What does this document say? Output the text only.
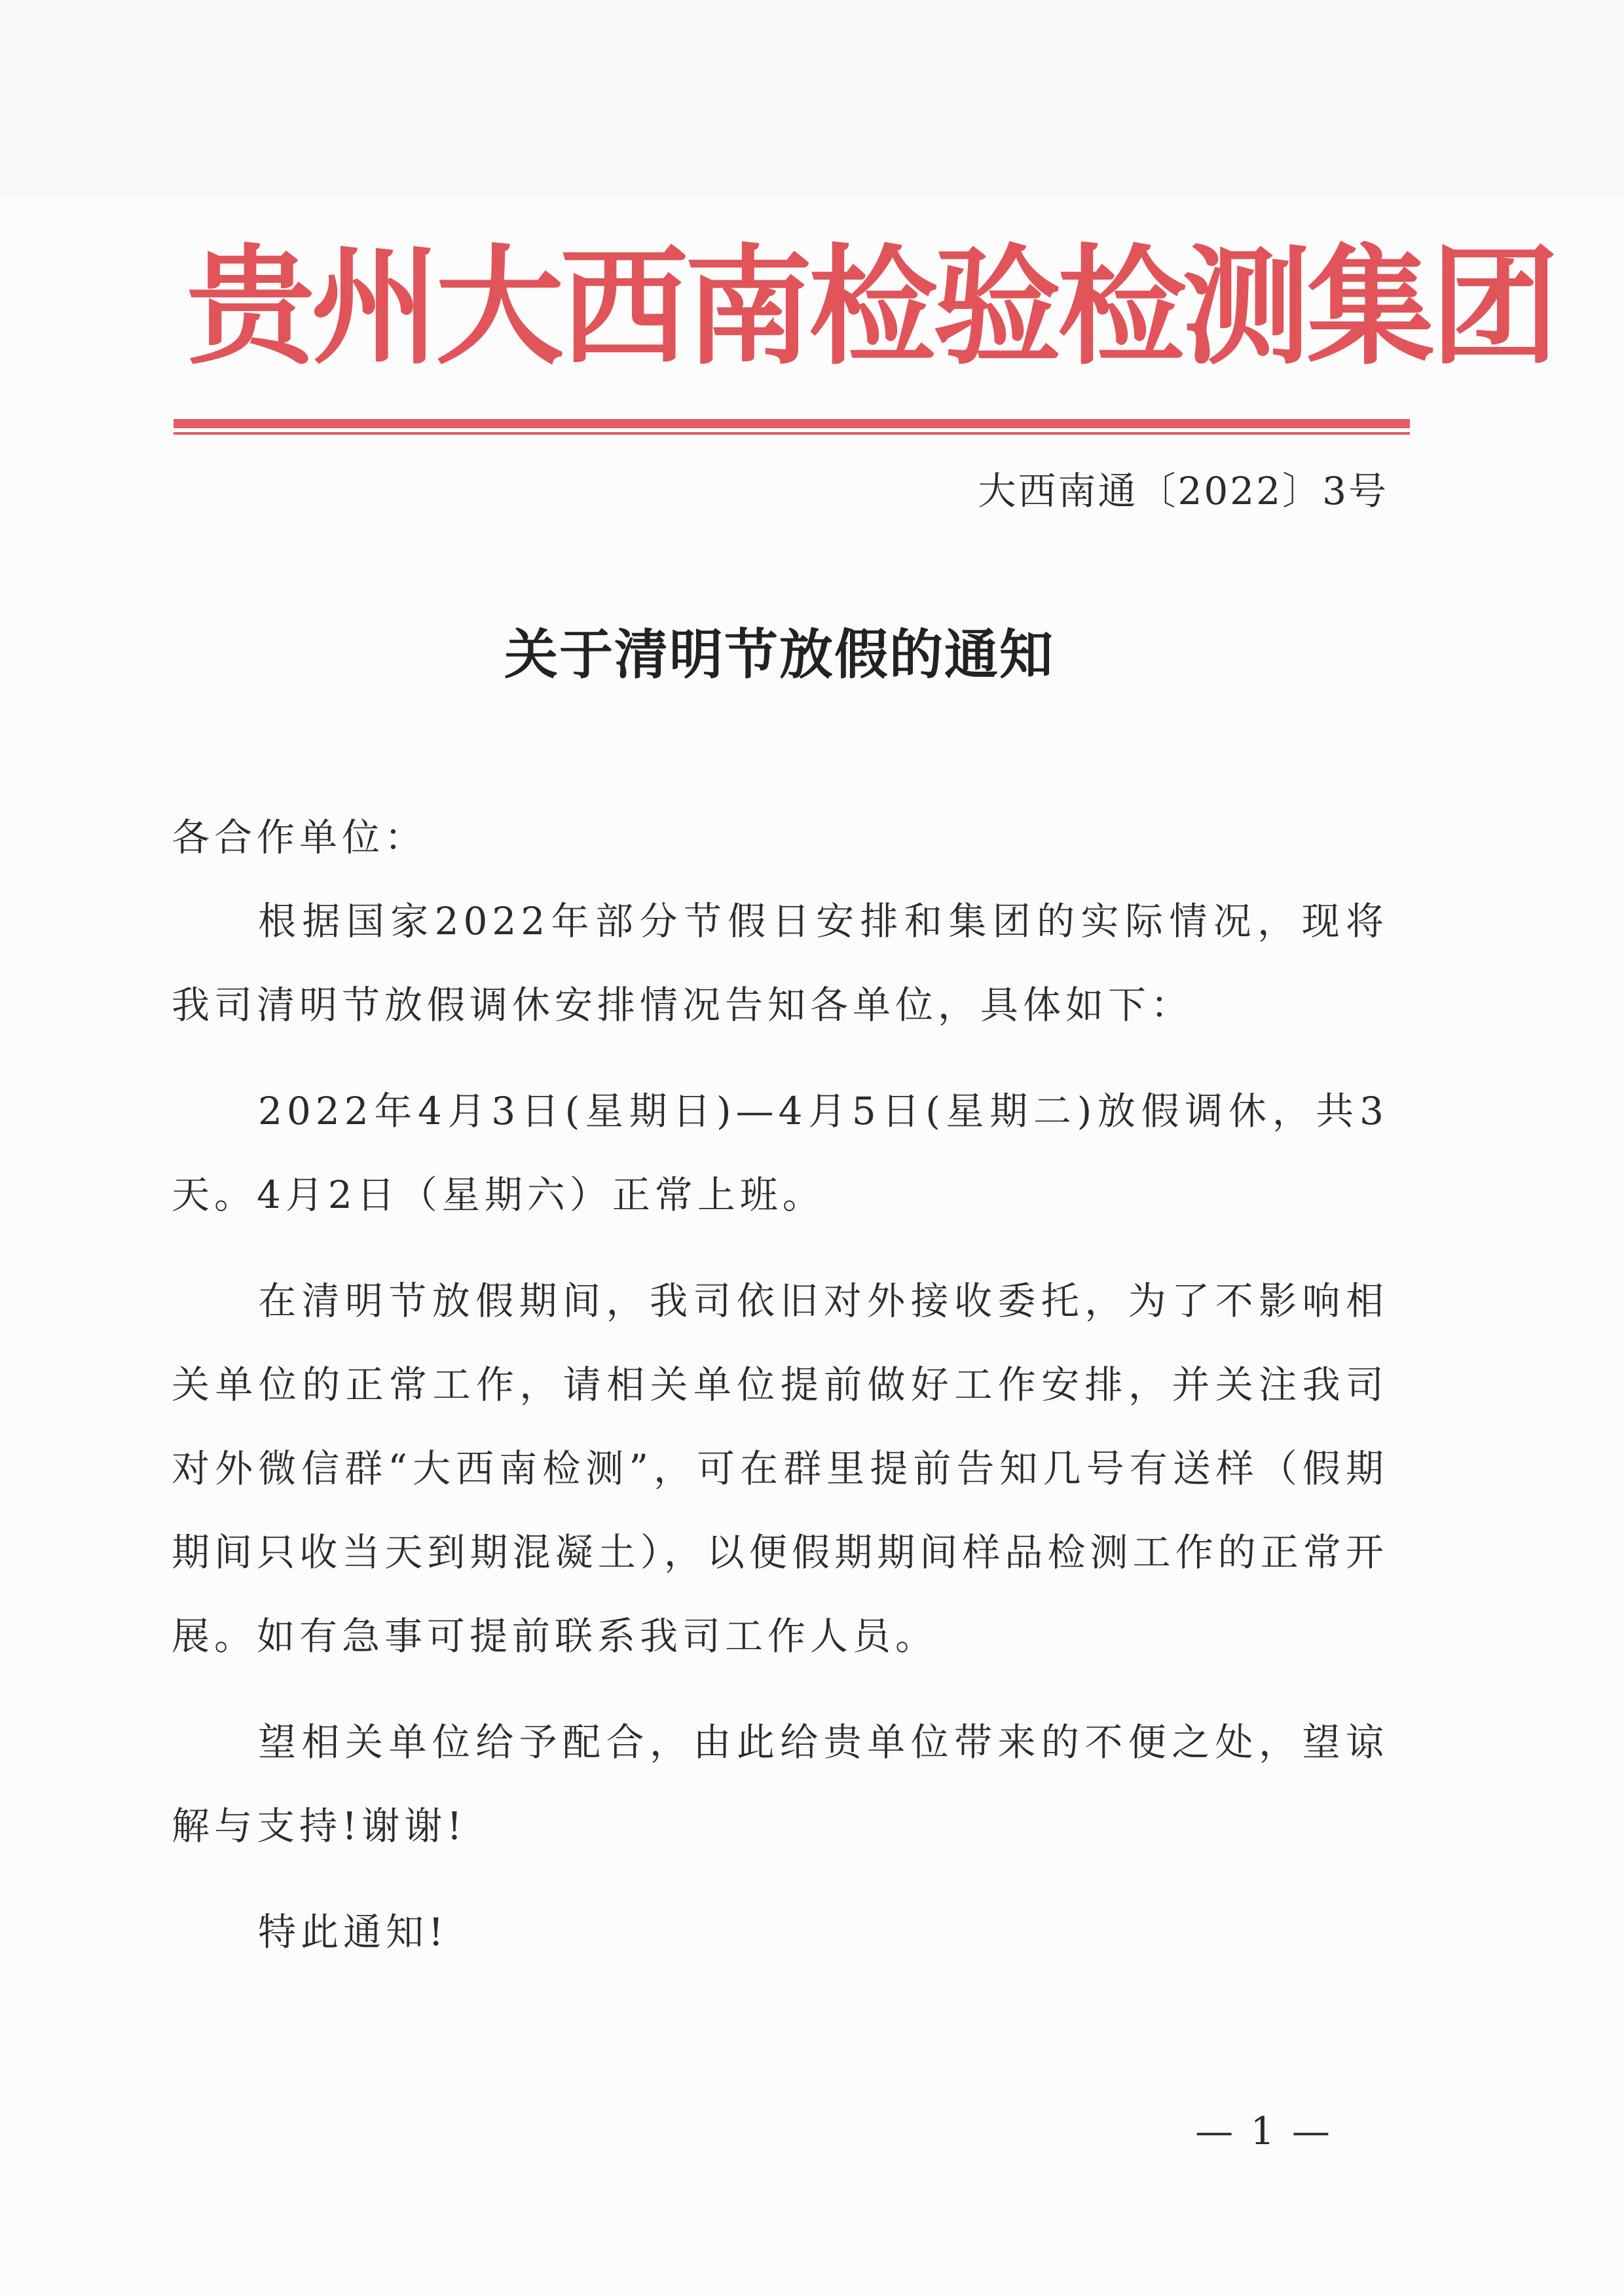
贵州大西南检验检测集团
大西南通〔2022〕3号
关于清明节放假的通知

各合作单位：

根据国家2022年部分节假日安排和集团的实际情况，现将我司清明节放假调休安排情况告知各单位，具体如下：

2022年4月3日(星期日)—4月5日(星期二)放假调休，共3天。4月2日（星期六）正常上班。

在清明节放假期间，我司依旧对外接收委托，为了不影响相关单位的正常工作，请相关单位提前做好工作安排，并关注我司对外微信群“大西南检测”，可在群里提前告知几号有送样（假期期间只收当天到期混凝土），以便假期期间样品检测工作的正常开展。如有急事可提前联系我司工作人员。

望相关单位给予配合，由此给贵单位带来的不便之处，望谅解与支持!谢谢!

特此通知!

— 1 —
